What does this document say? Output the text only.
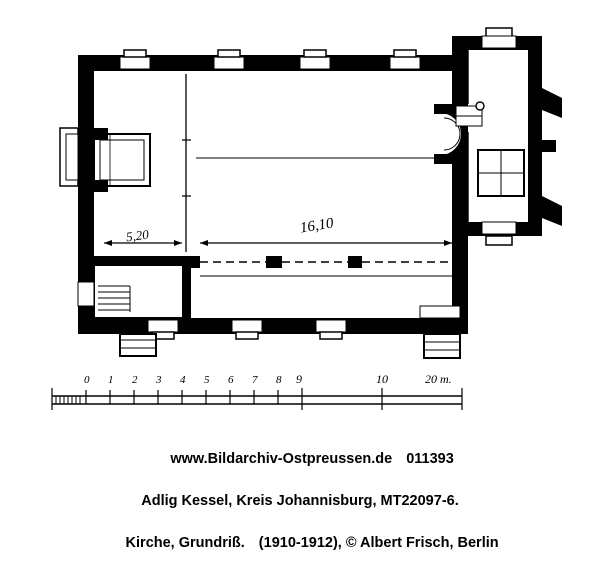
5,20	16,10
0 1 2 3 4 5 6 7 8 9	10	20 m.

www.Bildarchiv-Ostpreussen.de 011393

Adlig Kessel, Kreis Johannisburg, MT22097-6.

Kirche, Grundriß. (1910-1912), © Albert Frisch, Berlin
